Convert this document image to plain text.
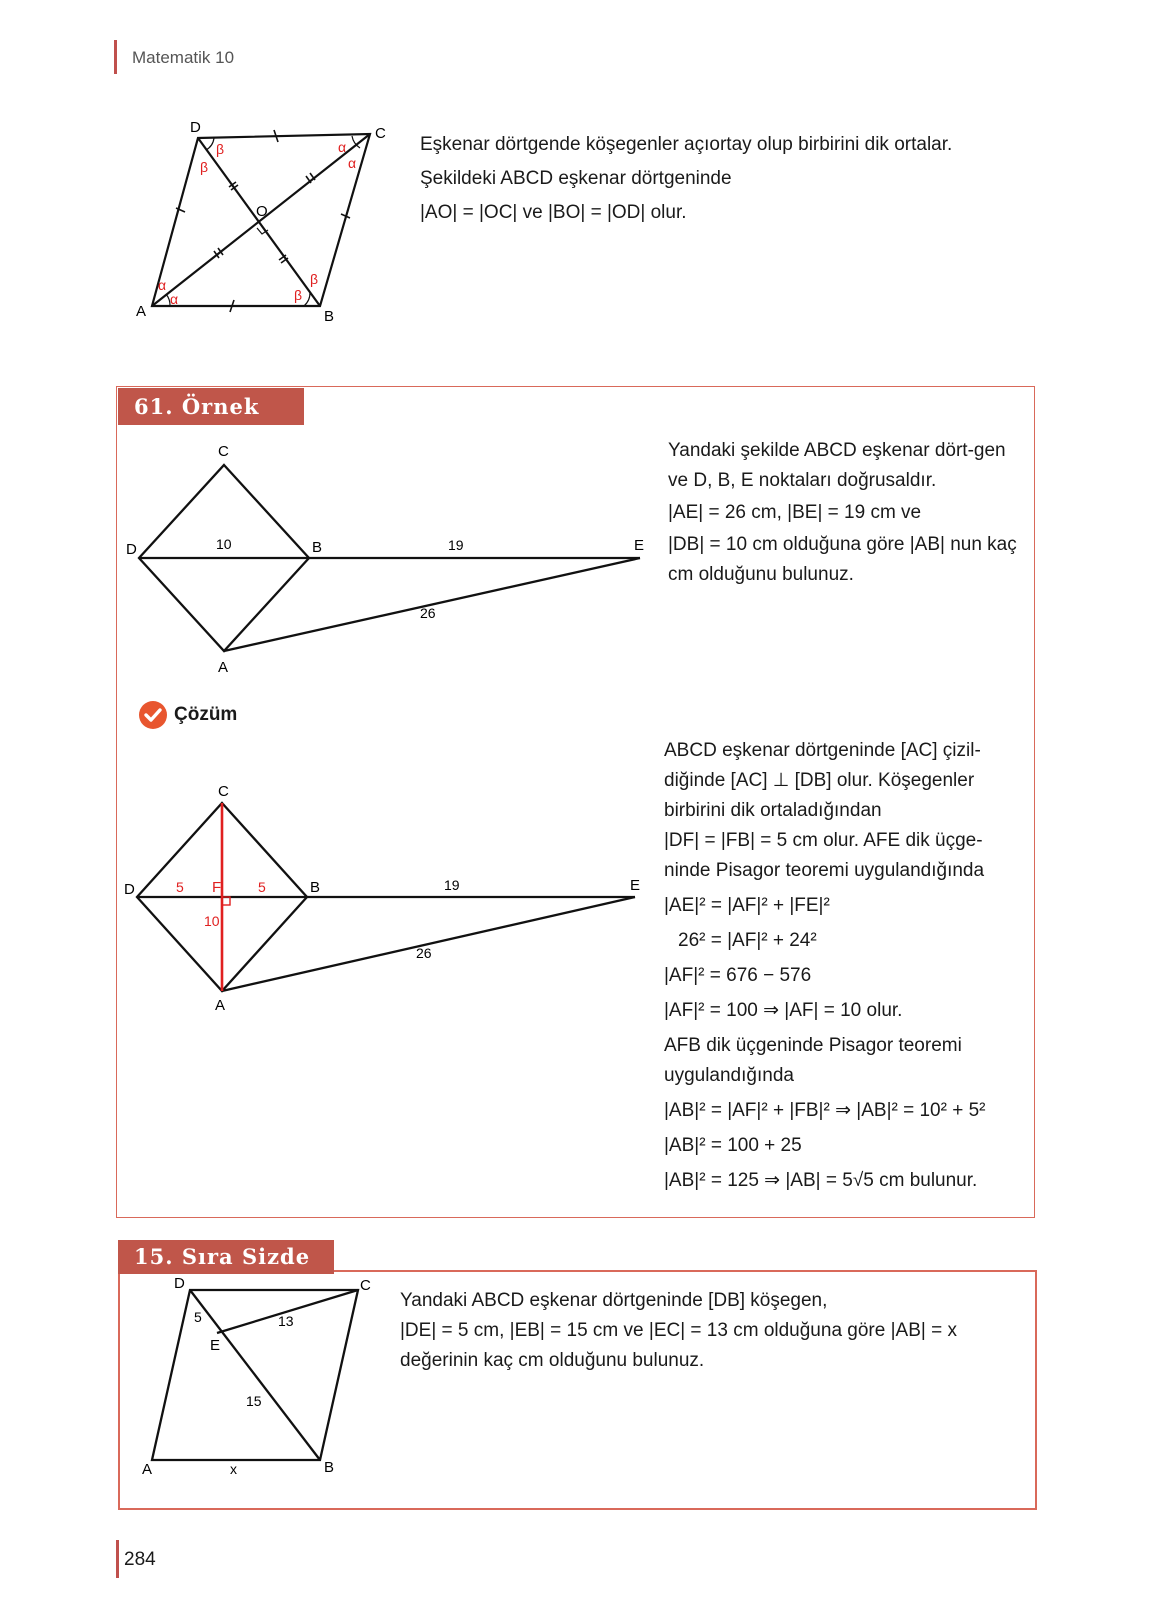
Matematik 10
D	C
A	B
O
β
β
α
α
α
α
β
β

Eşkenar dörtgende köşegenler açıortay olup birbirini dik ortalar.

Şekildeki ABCD eşkenar dörtgeninde

|AO| = |OC| ve |BO| = |OD| olur.

61. Örnek
C
D	B	E
A
10	19
26

Yandaki şekilde ABCD eşkenar dört-gen ve D, B, E noktaları doğrusaldır.

|AE| = 26 cm, |BE| = 19 cm ve

|DB| = 10 cm olduğuna göre |AB| nun kaç cm olduğunu bulunuz.

Çözüm
C
D	B	E
A
F
5	5
10
19
26
ABCD eşkenar dörtgeninde [AC] çizil-diğinde [AC] ⊥ [DB] olur. Köşegenler birbirini dik ortaladığından
|DF| = |FB| = 5 cm olur. AFE dik üçge-ninde Pisagor teoremi uygulandığında
|AE|² = |AF|² + |FE|²
26² = |AF|² + 24²
|AF|² = 676 − 576
|AF|² = 100 ⇒ |AF| = 10 olur.
AFB dik üçgeninde Pisagor teoremi uygulandığında
|AB|² = |AF|² + |FB|² ⇒ |AB|² = 10² + 5²
|AB|² = 100 + 25
|AB|² = 125 ⇒ |AB| = 5√5 cm bulunur.
15. Sıra Sizde
D	C
E
A	B
5	13
15
x

Yandaki ABCD eşkenar dörtgeninde [DB] köşegen,

|DE| = 5 cm, |EB| = 15 cm ve |EC| = 13 cm olduğuna göre |AB| = x

değerinin kaç cm olduğunu bulunuz.

284
